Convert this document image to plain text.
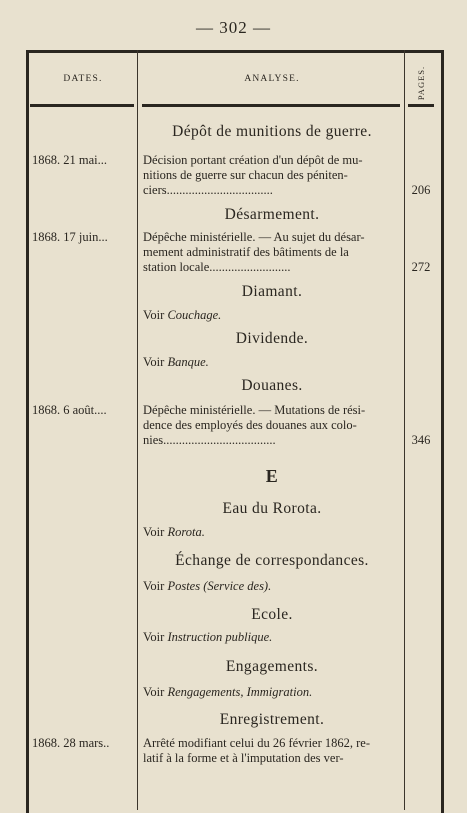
— 302 —
DATES.	ANALYSE.	PAGES.
Dépôt de munitions de guerre.
1868. 21 mai...	Décision portant création d'un dépôt de mu-
nitions de guerre sur chacun des péniten-
ciers..................................	206
Désarmement.
1868. 17 juin...	Dépêche ministérielle. — Au sujet du désar-
mement administratif des bâtiments de la
station locale..........................	272
Diamant.
Voir Couchage.
Dividende.
Voir Banque.
Douanes.
1868. 6 août....	Dépêche ministérielle. — Mutations de rési-
dence des employés des douanes aux colo-
nies....................................	346
E
Eau du Rorota.
Voir Rorota.
Échange de correspondances.
Voir Postes (Service des).
Ecole.
Voir Instruction publique.
Engagements.
Voir Rengagements, Immigration.
Enregistrement.
1868. 28 mars..	Arrêté modifiant celui du 26 février 1862, re-
latif à la forme et à l'imputation des ver-
